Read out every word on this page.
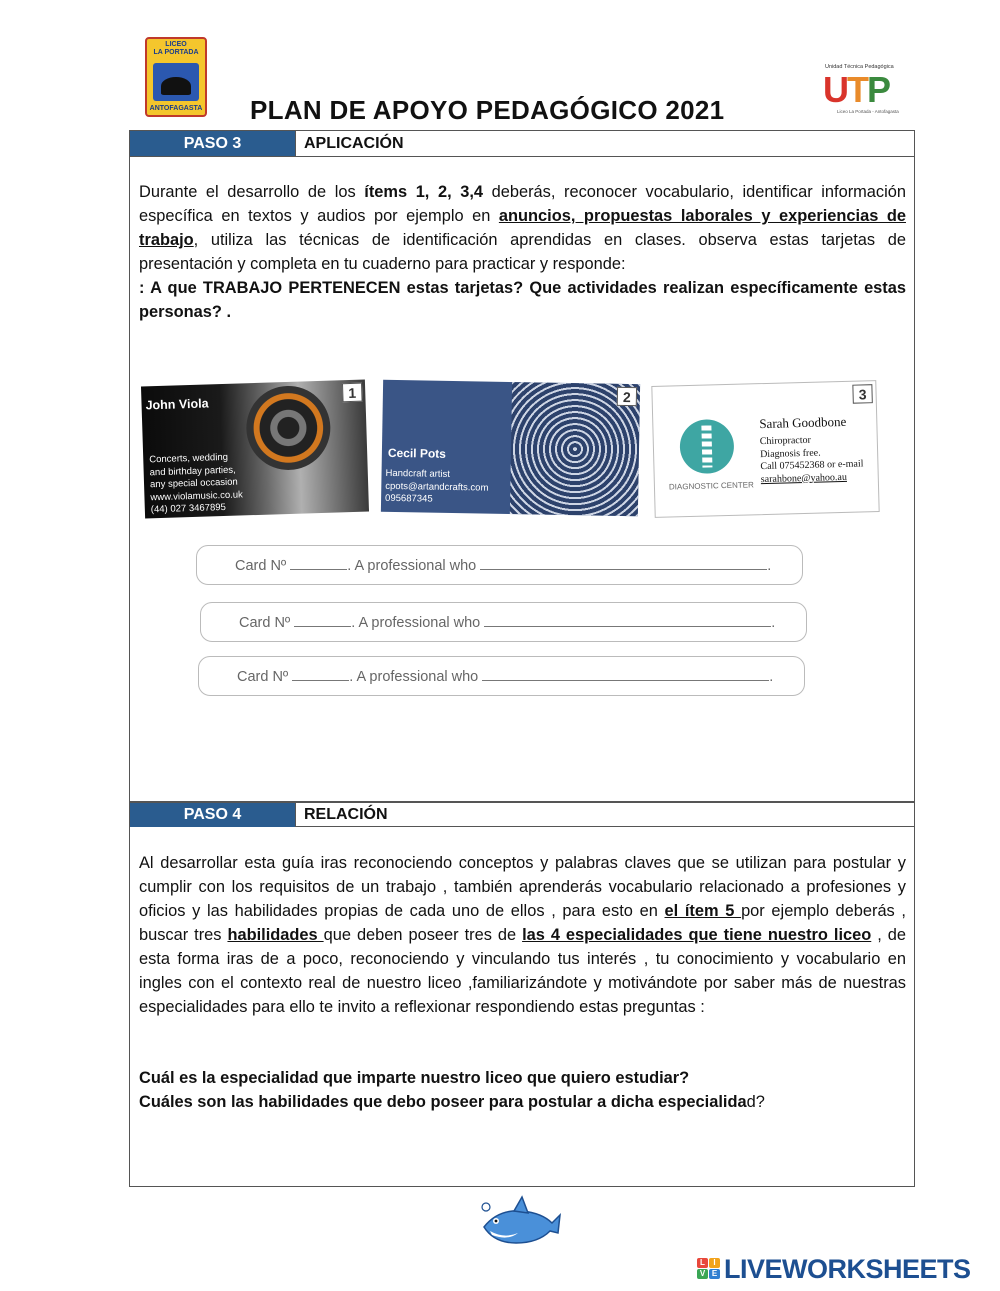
LICEO
LA PORTADA
ANTOFAGASTA PLAN DE APOYO PEDAGÓGICO 2021
Unidad Técnica Pedagógica
UTP
Liceo La Portada - Antofagasta
PASO 3	APLICACIÓN
Durante el desarrollo de los ítems 1, 2, 3,4 deberás, reconocer vocabulario, identificar información específica en textos y audios por ejemplo en anuncios, propuestas laborales y experiencias de trabajo, utiliza las técnicas de identificación aprendidas en clases. observa estas tarjetas de presentación y completa en tu cuaderno para practicar y responde:
: A que TRABAJO PERTENECEN estas tarjetas? Que actividades realizan específicamente estas personas? .
John Viola
Concerts, wedding
and birthday parties,
any special occasion
www.violamusic.co.uk
(44) 027 3467895
1
Cecil Pots
Handcraft artist
cpots@artandcrafts.com
095687345
2
DIAGNOSTIC CENTER
Sarah Goodbone
Chiropractor
Diagnosis free.
Call 075452368 or e-mail
sarahbone@yahoo.au
3
Card Nº	. A professional who	.
Card Nº	. A professional who	.
Card Nº	. A professional who	.
PASO 4	RELACIÓN
Al desarrollar esta guía iras reconociendo conceptos y palabras claves que se utilizan para postular y cumplir con los requisitos de un trabajo , también aprenderás vocabulario relacionado a profesiones y oficios y las habilidades propias de cada uno de ellos , para esto en el ítem 5 por ejemplo deberás , buscar tres habilidades que deben poseer tres de las 4 especialidades que tiene nuestro liceo , de esta forma iras de a poco, reconociendo y vinculando tus interés , tu conocimiento y vocabulario en ingles con el contexto real de nuestro liceo ,familiarizándote y motivándote por saber más de nuestras especialidades para ello te invito a reflexionar respondiendo estas preguntas :
Cuál es la especialidad que imparte nuestro liceo que quiero estudiar?
Cuáles son las habilidades que debo poseer para postular a dicha especialidad?
L	I
V E LIVEWORKSHEETS
